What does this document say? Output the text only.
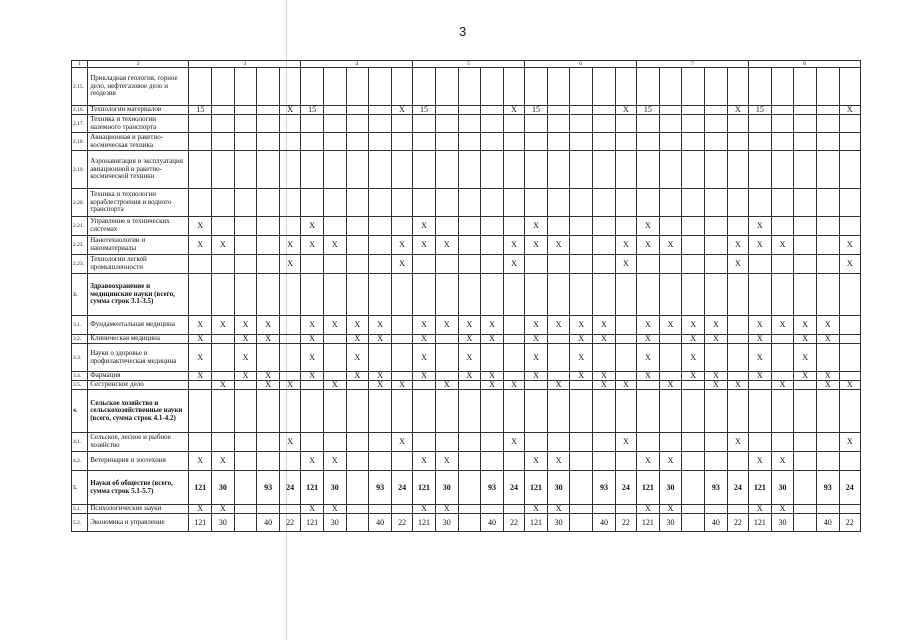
3
1	2	3					4					5					6					7					8				
2.15.	Прикладная геология, горное дело, нефтегазовое дело и геодезия																														
2.16.	Технологии материалов	15				X	15				X	15				X	15				X	15				X	15				X
2.17.	Техника и технологии наземного транспорта																														
2.18.	Авиационная и ракетно-космическая техника																														
2.19.	Аэронавигация и эксплуатация авиационной и ракетно-космической техники																														
2.20.	Техника и технологии кораблестроения и водного транспорта																														
2.21.	Управление в технических системах	X					X					X					X					X					X				
2.22.	Нанотехнологии и наноматериалы	X	X			X	X	X			X	X	X			X	X	X			X	X	X			X	X	X			X
2.23.	Технологии легкой промышленности					X					X					X					X					X					X
3.	Здравоохранение и медицинские науки (всего, сумма строк 3.1-3.5)																														
3.1.	Фундаментальная медицина	X	X	X	X		X	X	X	X		X	X	X	X		X	X	X	X		X	X	X	X		X	X	X	X	
3.2.	Клиническая медицина	X		X	X		X		X	X		X		X	X		X		X	X		X		X	X		X		X	X	
3.3.	Науки о здоровье и профилактическая медицина	X		X			X		X			X		X			X		X			X		X			X		X		
3.4.	Фармация	X		X	X		X		X	X		X		X	X		X		X	X		X		X	X		X		X	X	
3.5.	Сестринское дело		X		X	X		X		X	X		X		X	X		X		X	X		X		X	X		X		X	X
4.	Сельское хозяйство и сельскохозяйственные науки (всего, сумма строк 4.1-4.2)																														
4.1.	Сельское, лесное и рыбное хозяйство					X					X					X					X					X					X
4.2.	Ветеринария и зоотехния	X	X				X	X				X	X				X	X				X	X				X	X			
5.	Науки об обществе (всего, сумма строк 5.1-5.7)	121	30		93	24	121	30		93	24	121	30		93	24	121	30		93	24	121	30		93	24	121	30		93	24
5.1.	Психологические науки	X	X				X	X				X	X				X	X				X	X				X	X			
5.2.	Экономика и управление	121	30		40	22	121	30		40	22	121	30		40	22	121	30		40	22	121	30		40	22	121	30		40	22
